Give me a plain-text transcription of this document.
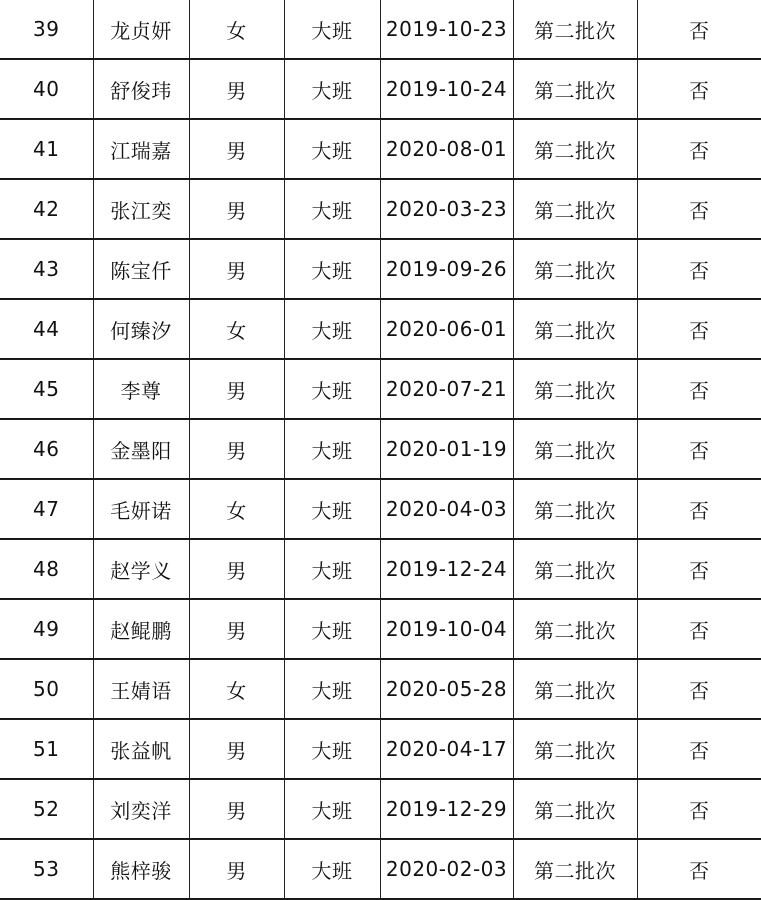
39	龙贞妍	女	大班	2019-10-23	第二批次	否
40	舒俊玮	男	大班	2019-10-24	第二批次	否
41	江瑞嘉	男	大班	2020-08-01	第二批次	否
42	张江奕	男	大班	2020-03-23	第二批次	否
43	陈宝仟	男	大班	2019-09-26	第二批次	否
44	何臻汐	女	大班	2020-06-01	第二批次	否
45	李尊	男	大班	2020-07-21	第二批次	否
46	金墨阳	男	大班	2020-01-19	第二批次	否
47	毛妍诺	女	大班	2020-04-03	第二批次	否
48	赵学义	男	大班	2019-12-24	第二批次	否
49	赵鲲鹏	男	大班	2019-10-04	第二批次	否
50	王婧语	女	大班	2020-05-28	第二批次	否
51	张益帆	男	大班	2020-04-17	第二批次	否
52	刘奕洋	男	大班	2019-12-29	第二批次	否
53	熊梓骏	男	大班	2020-02-03	第二批次	否
